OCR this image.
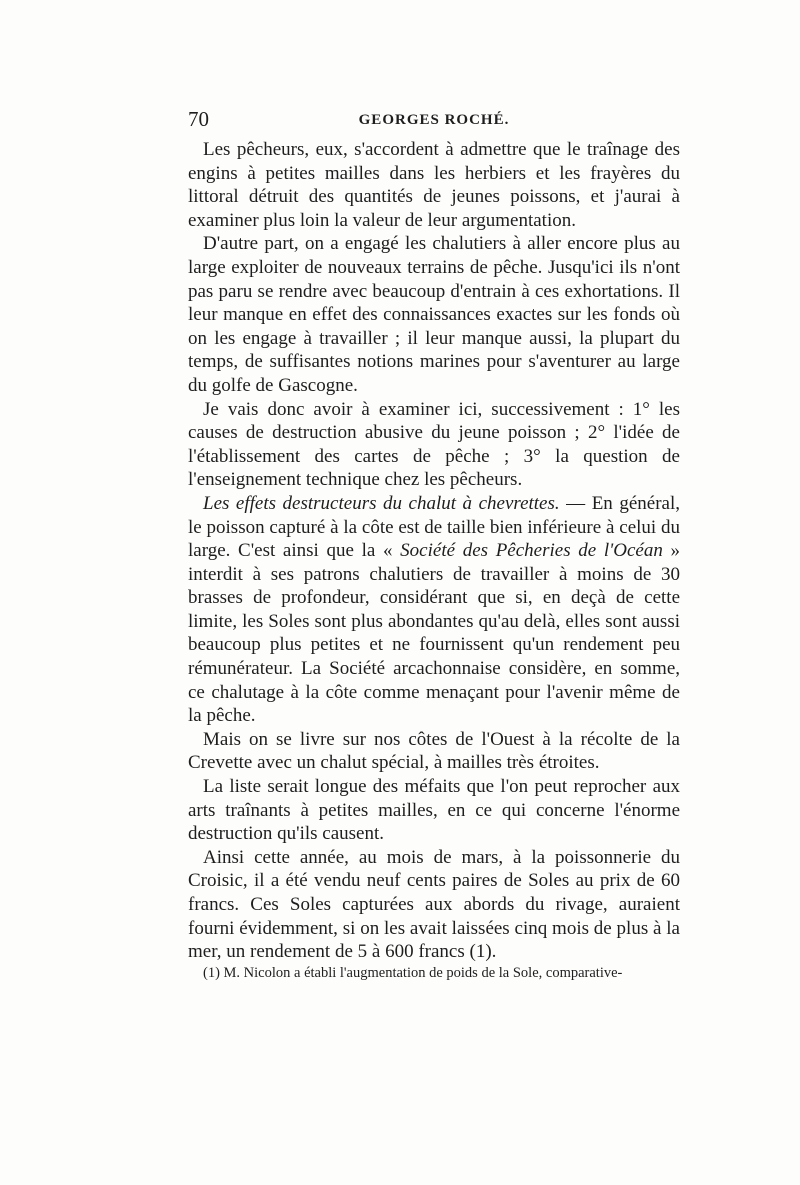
70	GEORGES ROCHÉ.

Les pêcheurs, eux, s'accordent à admettre que le traînage des engins à petites mailles dans les herbiers et les frayères du littoral détruit des quantités de jeunes poissons, et j'aurai à examiner plus loin la valeur de leur argumentation.

D'autre part, on a engagé les chalutiers à aller encore plus au large exploiter de nouveaux terrains de pêche. Jusqu'ici ils n'ont pas paru se rendre avec beaucoup d'entrain à ces exhortations. Il leur manque en effet des connaissances exactes sur les fonds où on les engage à travailler ; il leur manque aussi, la plupart du temps, de suffisantes notions marines pour s'aventurer au large du golfe de Gascogne.

Je vais donc avoir à examiner ici, successivement : 1° les causes de destruction abusive du jeune poisson ; 2° l'idée de l'établissement des cartes de pêche ; 3° la question de l'enseignement technique chez les pêcheurs.

Les effets destructeurs du chalut à chevrettes. — En général, le poisson capturé à la côte est de taille bien inférieure à celui du large. C'est ainsi que la « Société des Pêcheries de l'Océan » interdit à ses patrons chalutiers de travailler à moins de 30 brasses de profondeur, considérant que si, en deçà de cette limite, les Soles sont plus abondantes qu'au delà, elles sont aussi beaucoup plus petites et ne fournissent qu'un rendement peu rémunérateur. La Société arcachonnaise considère, en somme, ce chalutage à la côte comme menaçant pour l'avenir même de la pêche.

Mais on se livre sur nos côtes de l'Ouest à la récolte de la Crevette avec un chalut spécial, à mailles très étroites.

La liste serait longue des méfaits que l'on peut reprocher aux arts traînants à petites mailles, en ce qui concerne l'énorme destruction qu'ils causent.

Ainsi cette année, au mois de mars, à la poissonnerie du Croisic, il a été vendu neuf cents paires de Soles au prix de 60 francs. Ces Soles capturées aux abords du rivage, auraient fourni évidemment, si on les avait laissées cinq mois de plus à la mer, un rendement de 5 à 600 francs (1).

(1) M. Nicolon a établi l'augmentation de poids de la Sole, comparative-
